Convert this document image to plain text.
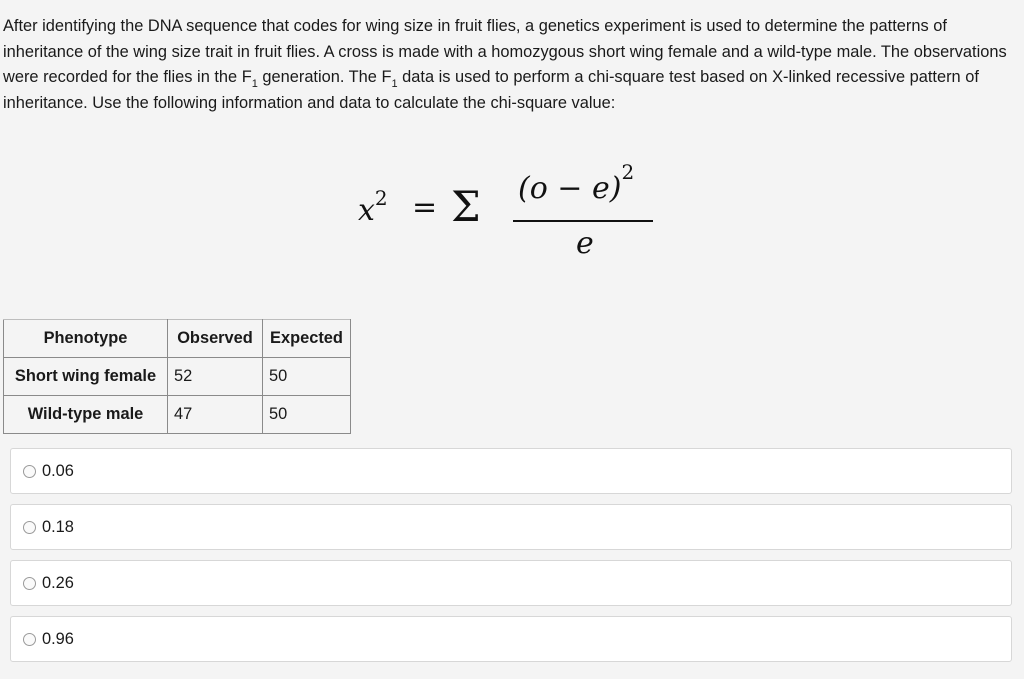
After identifying the DNA sequence that codes for wing size in fruit flies, a genetics experiment is used to determine the patterns of inheritance of the wing size trait in fruit flies. A cross is made with a homozygous short wing female and a wild-type male. The observations were recorded for the flies in the $F_1$ generation. The $F_1$ data is used to perform a chi-square test based on X-linked recessive pattern of inheritance. Use the following information and data to calculate the chi-square value:

$x^2 = \Sigma$ $(o - e)^2$
e
Phenotype	Observed	Expected
Short wing female	52	50
Wild-type male	47	50
0.06
0.18
0.26
0.96
